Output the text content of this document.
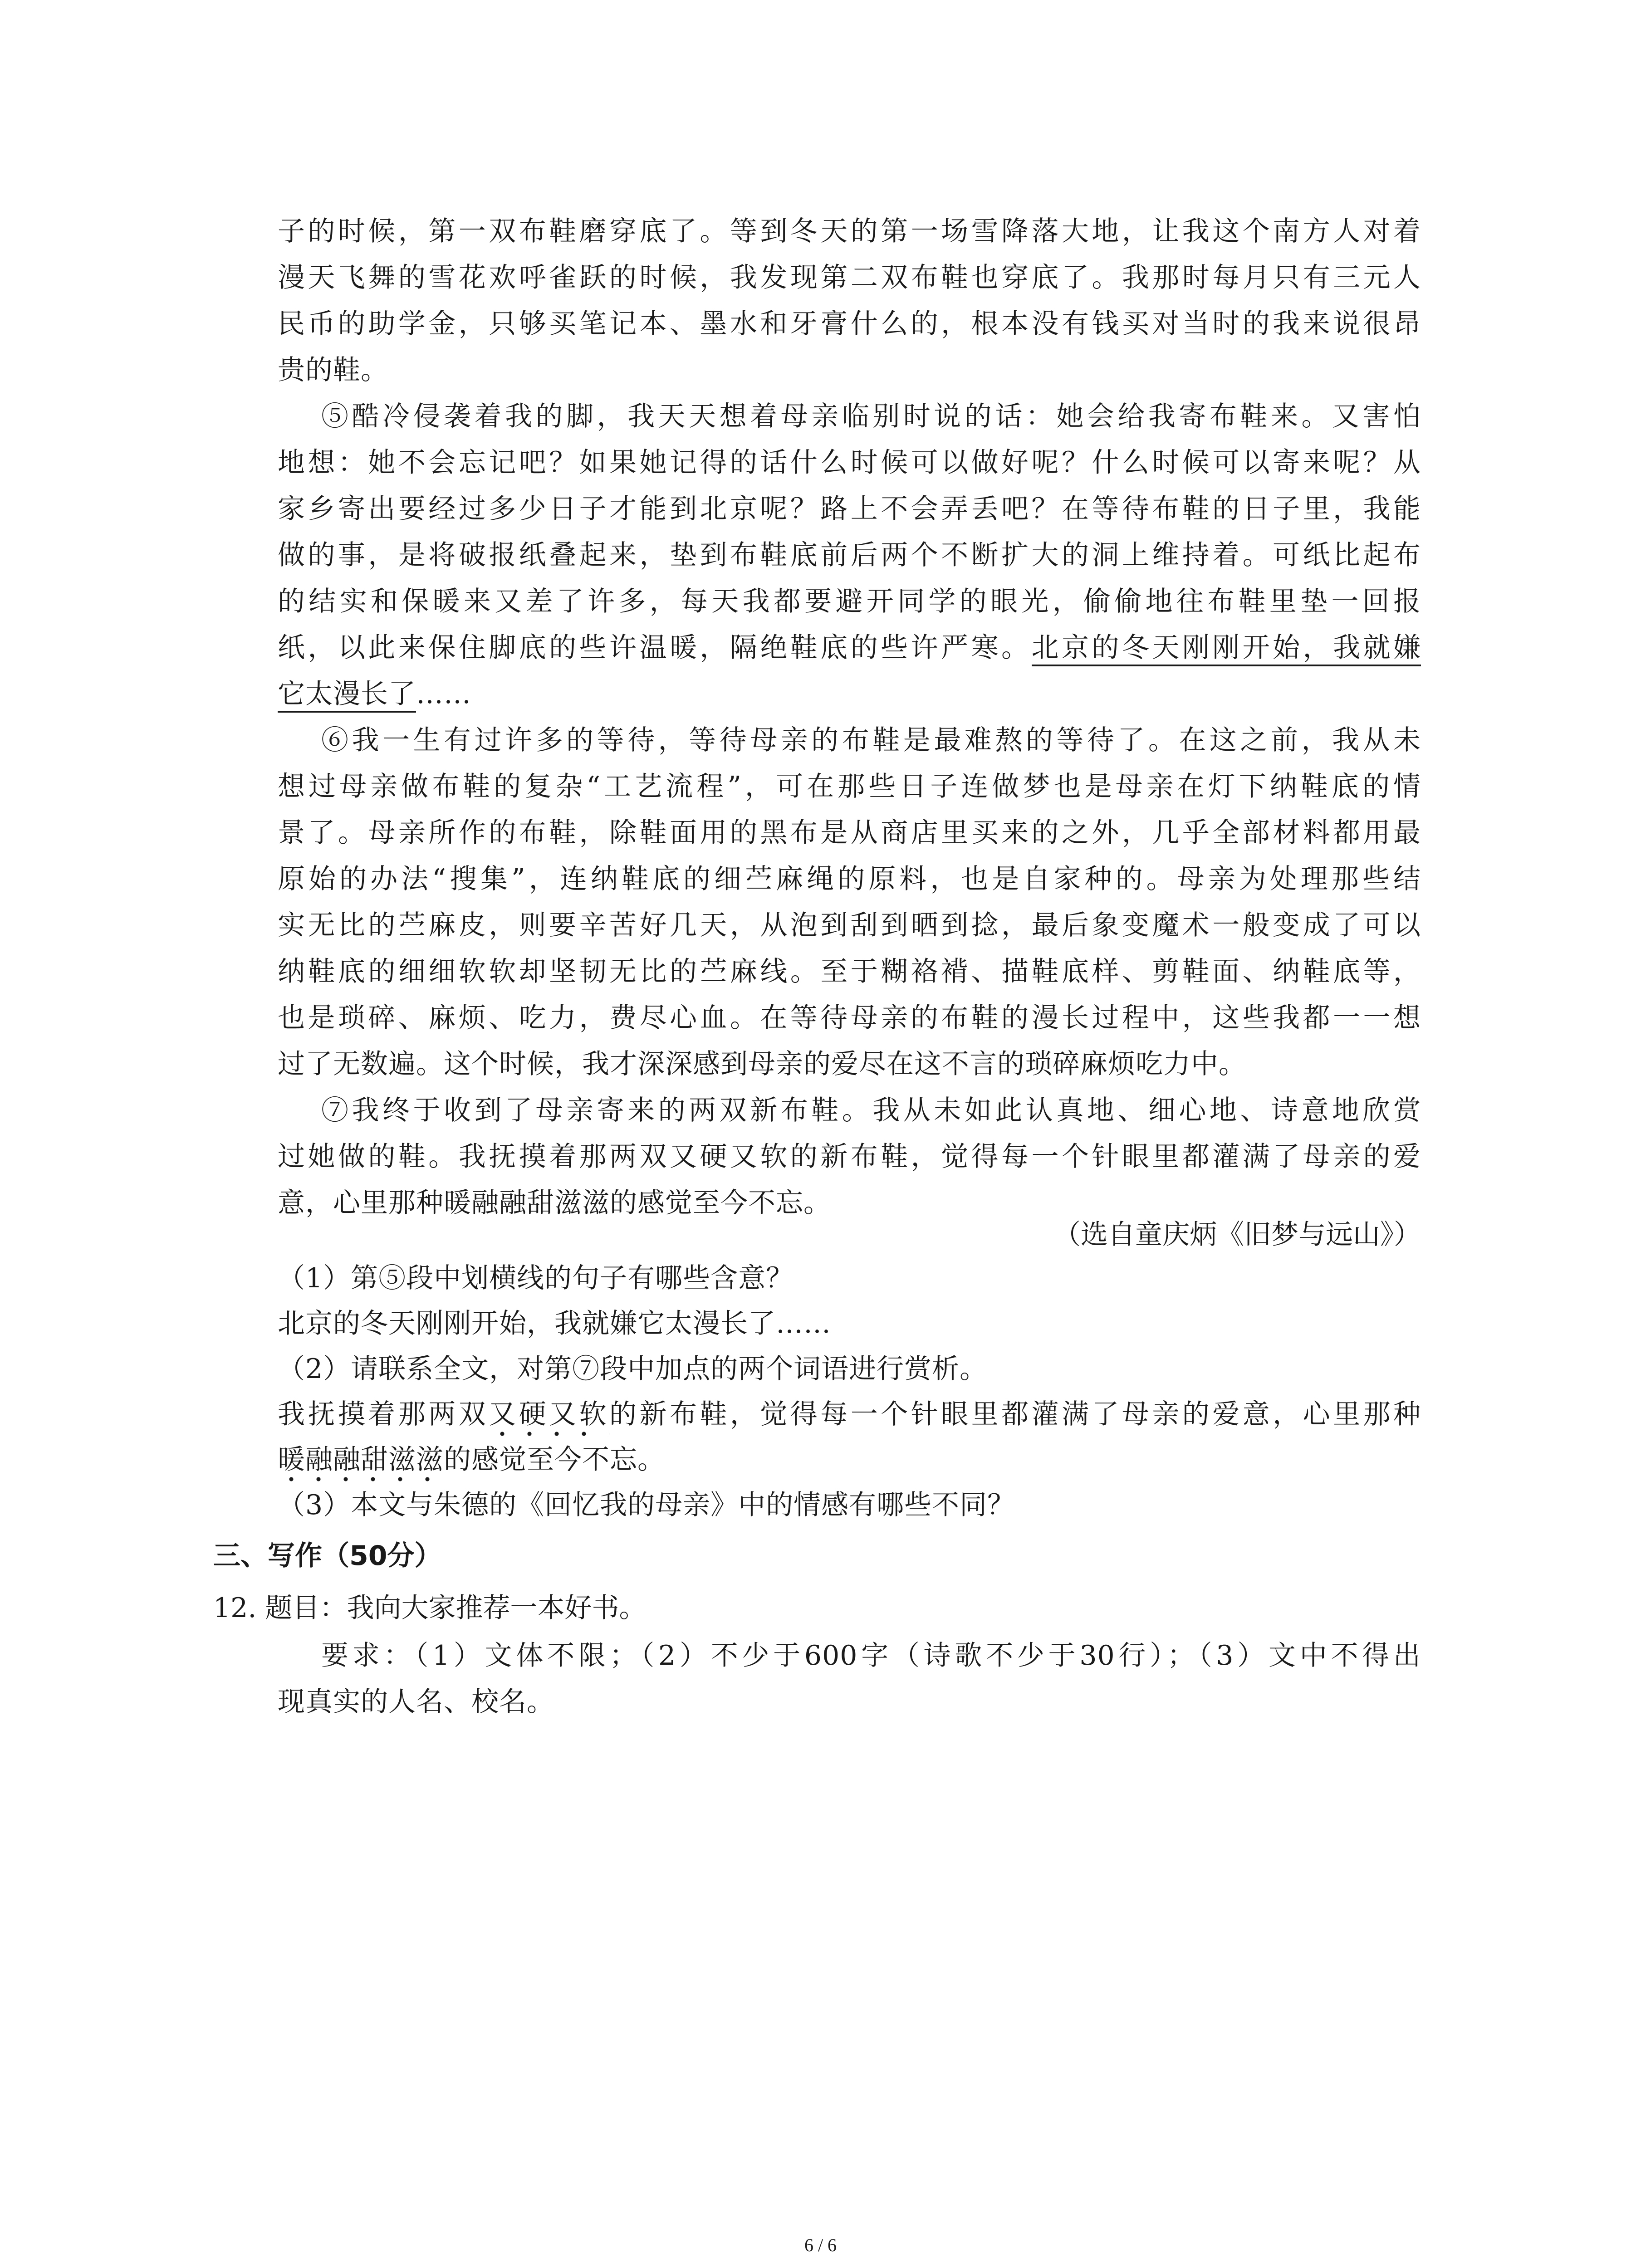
子的时候，第一双布鞋磨穿底了。等到冬天的第一场雪降落大地，让我这个南方人对着
漫天飞舞的雪花欢呼雀跃的时候，我发现第二双布鞋也穿底了。我那时每月只有三元人
民币的助学金，只够买笔记本、墨水和牙膏什么的，根本没有钱买对当时的我来说很昂
贵的鞋。
⑤酷冷侵袭着我的脚，我天天想着母亲临别时说的话：她会给我寄布鞋来。又害怕
地想：她不会忘记吧？如果她记得的话什么时候可以做好呢？什么时候可以寄来呢？从
家乡寄出要经过多少日子才能到北京呢？路上不会弄丢吧？在等待布鞋的日子里，我能
做的事，是将破报纸叠起来，垫到布鞋底前后两个不断扩大的洞上维持着。可纸比起布
的结实和保暖来又差了许多，每天我都要避开同学的眼光，偷偷地往布鞋里垫一回报
纸，以此来保住脚底的些许温暖，隔绝鞋底的些许严寒。北京的冬天刚刚开始，我就嫌
它太漫长了……
⑥我一生有过许多的等待，等待母亲的布鞋是最难熬的等待了。在这之前，我从未
想过母亲做布鞋的复杂“工艺流程”，可在那些日子连做梦也是母亲在灯下纳鞋底的情
景了。母亲所作的布鞋，除鞋面用的黑布是从商店里买来的之外，几乎全部材料都用最
原始的办法“搜集”，连纳鞋底的细苎麻绳的原料，也是自家种的。母亲为处理那些结
实无比的苎麻皮，则要辛苦好几天，从泡到刮到晒到捻，最后象变魔术一般变成了可以
纳鞋底的细细软软却坚韧无比的苎麻线。至于糊袼褙、描鞋底样、剪鞋面、纳鞋底等，
也是琐碎、麻烦、吃力，费尽心血。在等待母亲的布鞋的漫长过程中，这些我都一一想
过了无数遍。这个时候，我才深深感到母亲的爱尽在这不言的琐碎麻烦吃力中。
⑦我终于收到了母亲寄来的两双新布鞋。我从未如此认真地、细心地、诗意地欣赏
过她做的鞋。我抚摸着那两双又硬又软的新布鞋，觉得每一个针眼里都灌满了母亲的爱
意，心里那种暖融融甜滋滋的感觉至今不忘。
（选自童庆炳《旧梦与远山》）
（1）第⑤段中划横线的句子有哪些含意？
北京的冬天刚刚开始，我就嫌它太漫长了……
（2）请联系全文，对第⑦段中加点的两个词语进行赏析。
我抚摸着那两双又硬又软的新布鞋，觉得每一个针眼里都灌满了母亲的爱意，心里那种
暖融融甜滋滋的感觉至今不忘。
（3）本文与朱德的《回忆我的母亲》中的情感有哪些不同？
三、写作（50分）
12. 题目：我向大家推荐一本好书。
要求：（1）文体不限；（2）不少于600字（诗歌不少于30行）；（3）文中不得出
现真实的人名、校名。
6 / 6
